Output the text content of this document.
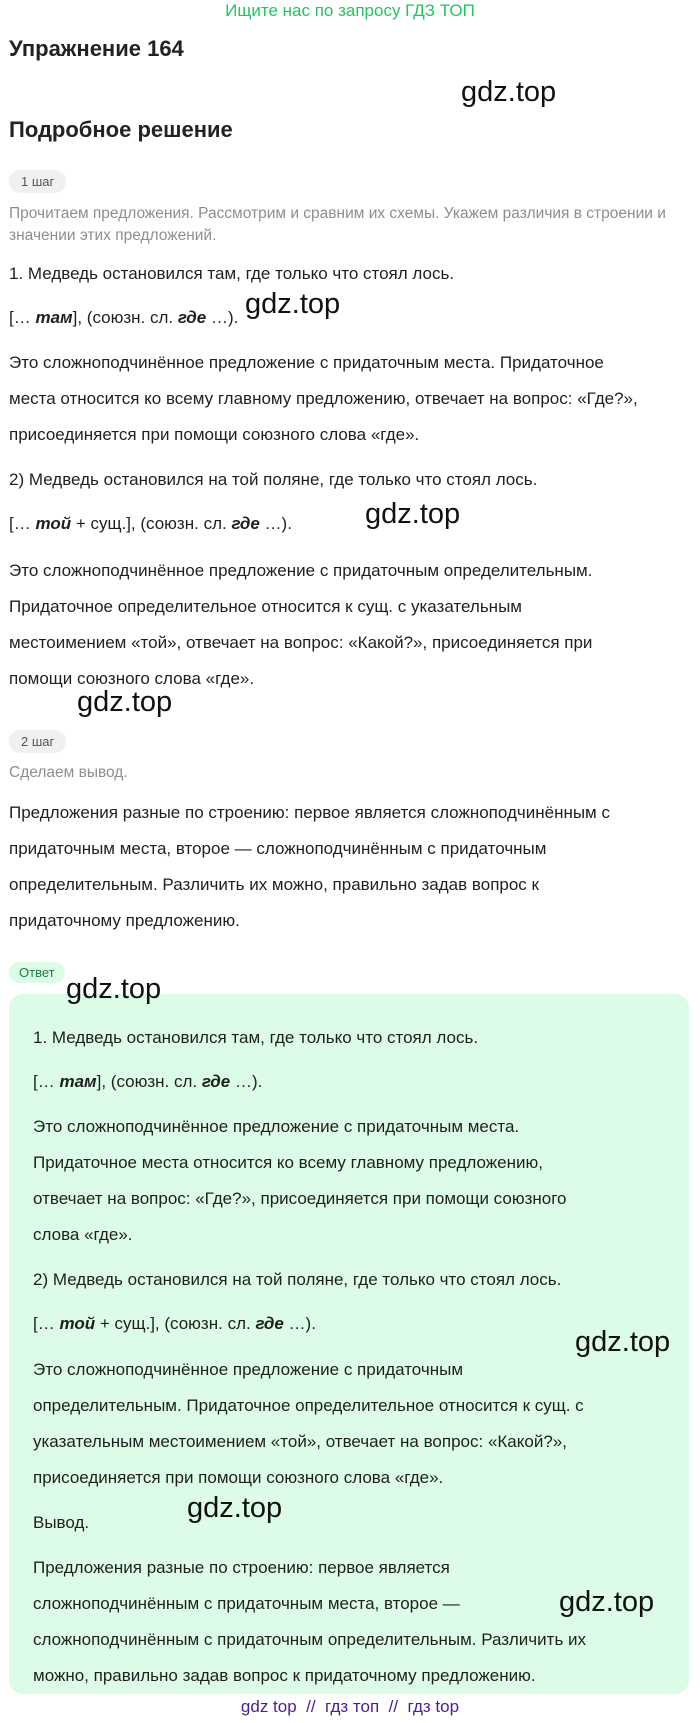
Ищите нас по запросу ГДЗ ТОП
Упражнение 164
gdz.top
Подробное решение
1 шаг
Прочитаем предложения. Рассмотрим и сравним их схемы. Укажем различия в строении и значении этих предложений.
1. Медведь остановился там, где только что стоял лось.
[… там], (союзн. сл. где …). gdz.top
Это сложноподчинённое предложение с придаточным места. Придаточное
места относится ко всему главному предложению, отвечает на вопрос: «Где?»,
присоединяется при помощи союзного слова «где».
2) Медведь остановился на той поляне, где только что стоял лось.
[… той + сущ.], (союзн. сл. где …).	gdz.top
Это сложноподчинённое предложение с придаточным определительным.
Придаточное определительное относится к сущ. с указательным
местоимением «той», отвечает на вопрос: «Какой?», присоединяется при
помощи союзного слова «где».
gdz.top
2 шаг
Сделаем вывод.
Предложения разные по строению: первое является сложноподчинённым с
придаточным места, второе — сложноподчинённым с придаточным
определительным. Различить их можно, правильно задав вопрос к
придаточному предложению.
Ответ
gdz.top
1. Медведь остановился там, где только что стоял лось.
[… там], (союзн. сл. где …).
Это сложноподчинённое предложение с придаточным места.
Придаточное места относится ко всему главному предложению,
отвечает на вопрос: «Где?», присоединяется при помощи союзного
слова «где».
2) Медведь остановился на той поляне, где только что стоял лось.
[… той + сущ.], (союзн. сл. где …).
gdz.top
Это сложноподчинённое предложение с придаточным
определительным. Придаточное определительное относится к сущ. с
указательным местоимением «той», отвечает на вопрос: «Какой?»,
присоединяется при помощи союзного слова «где».
Вывод.	gdz.top
Предложения разные по строению: первое является
сложноподчинённым с придаточным места, второе —	gdz.top
сложноподчинённым с придаточным определительным. Различить их
можно, правильно задав вопрос к придаточному предложению.
gdz top // гдз топ // гдз top
